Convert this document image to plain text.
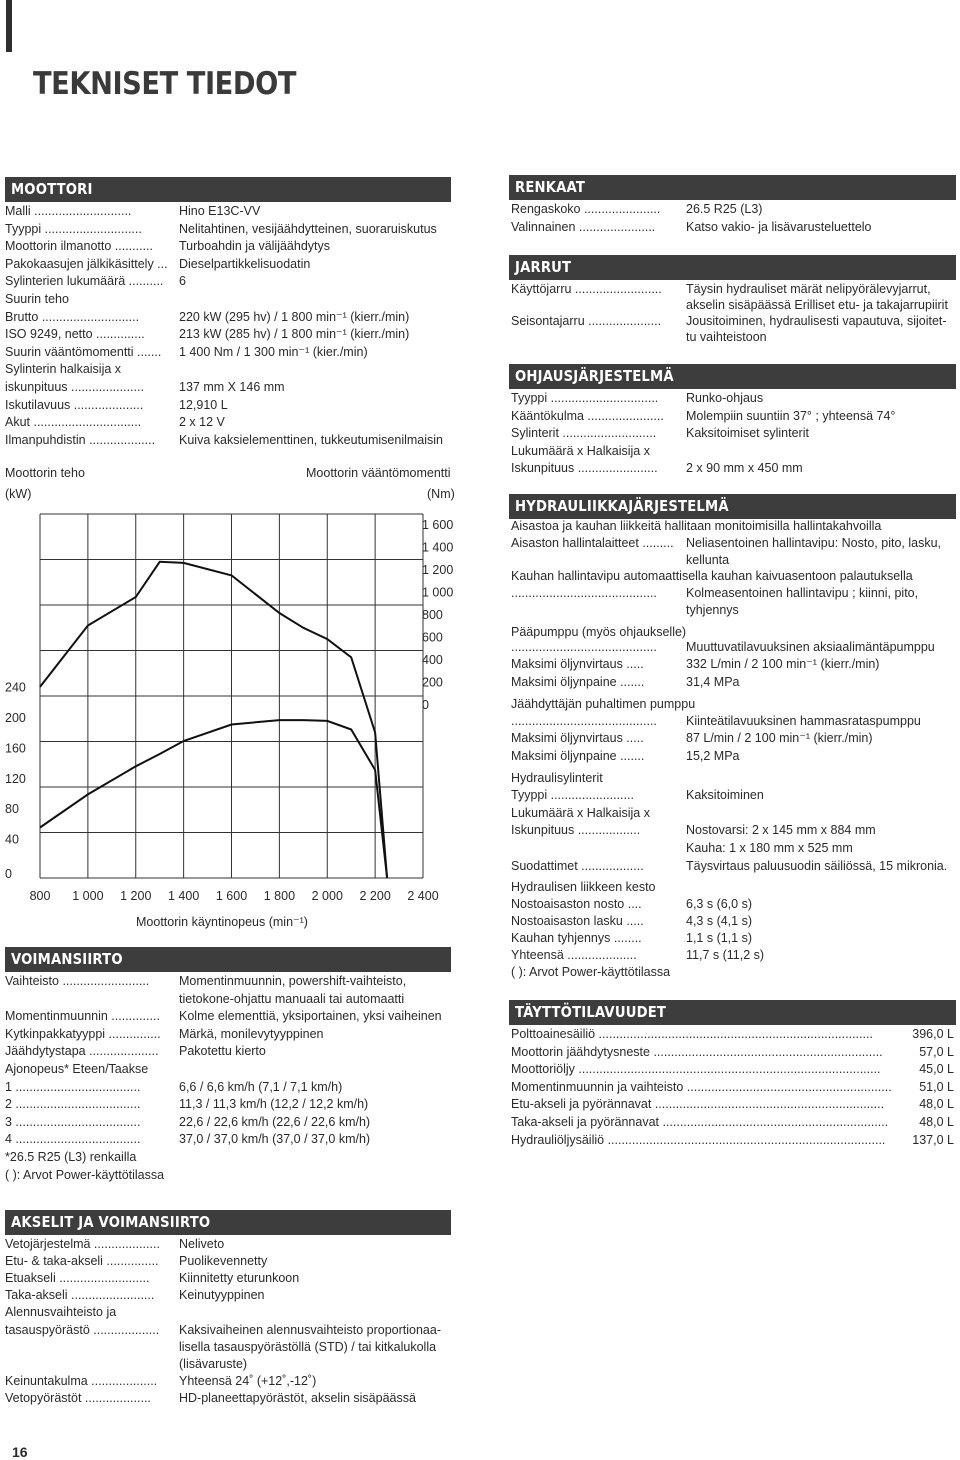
TEKNISET TIEDOT
MOOTTORI
Malli ............................	Hino E13C-VV
Tyyppi ............................	Nelitahtinen, vesijäähdytteinen, suoraruiskutus
Moottorin ilmanotto ...........	Turboahdin ja välijäähdytys
Pakokaasujen jälkikäsittely ... Dieselpartikkelisuodatin
Sylinterien lukumäärä ..........	6
Suurin teho
Brutto ............................	220 kW (295 hv) / 1 800 min⁻¹ (kierr./min)
ISO 9249, netto ..............	213 kW (285 hv) / 1 800 min⁻¹ (kierr./min)
Suurin vääntömomentti .......	1 400 Nm / 1 300 min⁻¹ (kier./min)
Sylinterin halkaisija x
iskunpituus .....................	137 mm X 146 mm
Iskutilavuus ....................	12,910 L
Akut ...............................	2 x 12 V
Ilmanpuhdistin ...................	Kuiva kaksielementtinen, tukkeutumisenilmaisin
Moottorin teho
(kW)
Moottorin vääntömomentti
(Nm)
800 1 000 1 200 1 400 1 600 1 800 2 000 2 200 2 400
0
40
80
120
160
200
240
0
200
400
600
800
1 000
1 200
1 400
1 600
Moottorin käyntinopeus (min⁻¹)
VOIMANSIIRTO
Vaihteisto .........................	Momentinmuunnin, powershift-vaihteisto,
tietokone-ohjattu manuaali tai automaatti
Momentinmuunnin ..............	Kolme elementtiä, yksiportainen, yksi vaiheinen
Kytkinpakkatyyppi ...............	Märkä, monilevytyyppinen
Jäähdytystapa ....................	Pakotettu kierto
Ajonopeus* Eteen/Taakse
1 ....................................	6,6 / 6,6 km/h (7,1 / 7,1 km/h)
2 ....................................	11,3 / 11,3 km/h (12,2 / 12,2 km/h)
3 ....................................	22,6 / 22,6 km/h (22,6 / 22,6 km/h)
4 ....................................	37,0 / 37,0 km/h (37,0 / 37,0 km/h)
*26.5 R25 (L3) renkailla
( ): Arvot Power-käyttötilassa
AKSELIT JA VOIMANSIIRTO
Vetojärjestelmä ...................	Neliveto
Etu- & taka-akseli ...............	Puolikevennetty
Etuakseli ..........................	Kiinnitetty eturunkoon
Taka-akseli ........................	Keinutyyppinen
Alennusvaihteisto ja
tasauspyörästö ...................	Kaksivaiheinen alennusvaihteisto proportionaa-
lisella tasauspyörästöllä (STD) / tai kitkalukolla
(lisävaruste)
Keinuntakulma ...................	Yhteensä 24˚ (+12˚,-12˚)
Vetopyörästöt ...................	HD-planeettapyörästöt, akselin sisäpäässä
RENKAAT
Rengaskoko ......................	26.5 R25 (L3)
Valinnainen ......................	Katso vakio- ja lisävarusteluettelo
JARRUT
Käyttöjarru .........................	Täysin hydrauliset märät nelipyörälevyjarrut,
akselin sisäpäässä Erilliset etu- ja takajarrupiirit
Seisontajarru .....................	Jousitoiminen, hydraulisesti vapautuva, sijoitet-
tu vaihteistoon
OHJAUSJÄRJESTELMÄ
Tyyppi ...............................	Runko-ohjaus
Kääntökulma ......................	Molempiin suuntiin 37° ; yhteensä 74°
Sylinterit ...........................	Kaksitoimiset sylinterit
Lukumäärä x Halkaisija x
Iskunpituus .......................	2 x 90 mm x 450 mm
HYDRAULIIKKAJÄRJESTELMÄ
Aisastoa ja kauhan liikkeitä hallitaan monitoimisilla hallintakahvoilla
Aisaston hallintalaitteet ......... Neliasentoinen hallintavipu: Nosto, pito, lasku,
kellunta
Kauhan hallintavipu automaattisella kauhan kaivuasentoon palautuksella
..........................................	Kolmeasentoinen hallintavipu ; kiinni, pito,
tyhjennys
Pääpumppu (myös ohjaukselle)
..........................................	Muuttuvatilavuuksinen aksiaalimäntäpumppu
Maksimi öljynvirtaus .....	332 L/min / 2 100 min⁻¹ (kierr./min)
Maksimi öljynpaine .......	31,4 MPa
Jäähdyttäjän puhaltimen pumppu
..........................................	Kiinteätilavuuksinen hammasrataspumppu
Maksimi öljynvirtaus .....	87 L/min / 2 100 min⁻¹ (kierr./min)
Maksimi öljynpaine .......	15,2 MPa
Hydraulisylinterit
Tyyppi ........................	Kaksitoiminen
Lukumäärä x Halkaisija x
Iskunpituus ..................	Nostovarsi: 2 x 145 mm x 884 mm
Kauha: 1 x 180 mm x 525 mm
Suodattimet ..................	Täysvirtaus paluusuodin säiliössä, 15 mikronia.
Hydraulisen liikkeen kesto
Nostoaisaston nosto ....	6,3 s (6,0 s)
Nostoaisaston lasku .....	4,3 s (4,1 s)
Kauhan tyhjennys ........	1,1 s (1,1 s)
Yhteensä ....................	11,7 s (11,2 s)
( ): Arvot Power-käyttötilassa
TÄYTTÖTILAVUUDET
Polttoainesäiliö ...............................................................................	396,0 L
Moottorin jäähdytysneste ..................................................................	57,0 L
Moottoriöljy .......................................................................................	45,0 L
Momentinmuunnin ja vaihteisto ...........................................................	51,0 L
Etu-akseli ja pyörännavat ..................................................................	48,0 L
Taka-akseli ja pyörännavat .................................................................	48,0 L
Hydrauliöljysäiliö ................................................................................	137,0 L
16
